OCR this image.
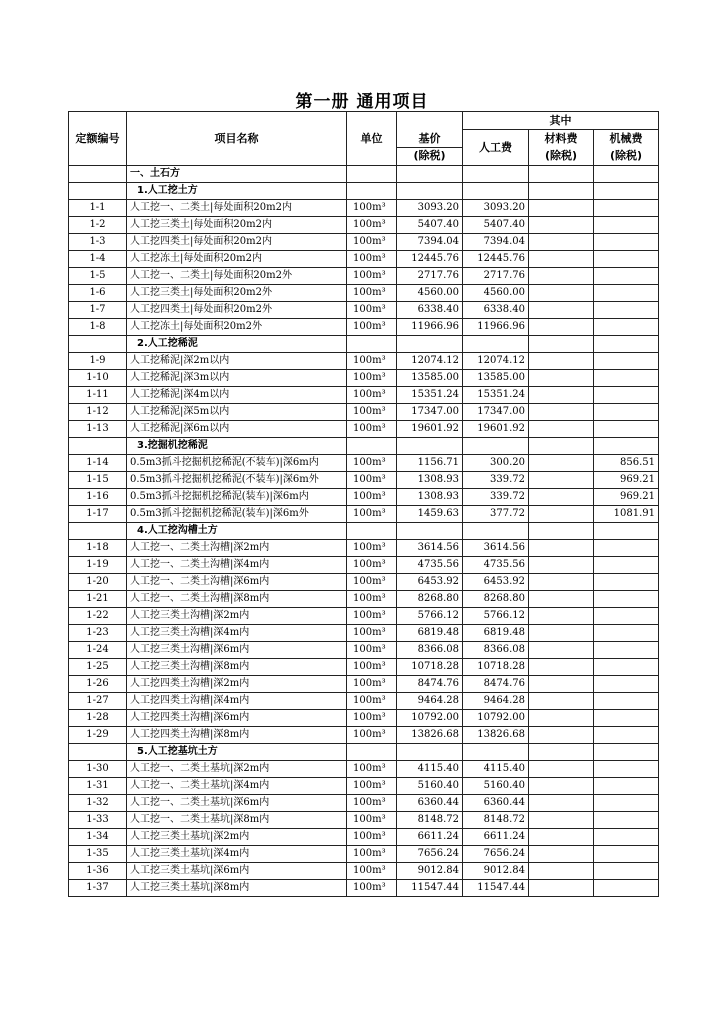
第一册 通用项目
定额编号	项目名称	单位	基价	其中		
				人工费	材料费	机械费
			(除税)		(除税)	(除税)
	一、土石方					
	1.人工挖土方					
1-1	人工挖一、二类土|每处面积20m2内	100m³	3093.20	3093.20		
1-2	人工挖三类土|每处面积20m2内	100m³	5407.40	5407.40		
1-3	人工挖四类土|每处面积20m2内	100m³	7394.04	7394.04		
1-4	人工挖冻土|每处面积20m2内	100m³	12445.76	12445.76		
1-5	人工挖一、二类土|每处面积20m2外	100m³	2717.76	2717.76		
1-6	人工挖三类土|每处面积20m2外	100m³	4560.00	4560.00		
1-7	人工挖四类土|每处面积20m2外	100m³	6338.40	6338.40		
1-8	人工挖冻土|每处面积20m2外	100m³	11966.96	11966.96		
	2.人工挖稀泥					
1-9	人工挖稀泥|深2m以内	100m³	12074.12	12074.12		
1-10	人工挖稀泥|深3m以内	100m³	13585.00	13585.00		
1-11	人工挖稀泥|深4m以内	100m³	15351.24	15351.24		
1-12	人工挖稀泥|深5m以内	100m³	17347.00	17347.00		
1-13	人工挖稀泥|深6m以内	100m³	19601.92	19601.92		
	3.挖掘机挖稀泥					
1-14	0.5m3抓斗挖掘机挖稀泥(不装车)|深6m内	100m³	1156.71	300.20		856.51
1-15	0.5m3抓斗挖掘机挖稀泥(不装车)|深6m外	100m³	1308.93	339.72		969.21
1-16	0.5m3抓斗挖掘机挖稀泥(装车)|深6m内	100m³	1308.93	339.72		969.21
1-17	0.5m3抓斗挖掘机挖稀泥(装车)|深6m外	100m³	1459.63	377.72		1081.91
	4.人工挖沟槽土方					
1-18	人工挖一、二类土沟槽|深2m内	100m³	3614.56	3614.56		
1-19	人工挖一、二类土沟槽|深4m内	100m³	4735.56	4735.56		
1-20	人工挖一、二类土沟槽|深6m内	100m³	6453.92	6453.92		
1-21	人工挖一、二类土沟槽|深8m内	100m³	8268.80	8268.80		
1-22	人工挖三类土沟槽|深2m内	100m³	5766.12	5766.12		
1-23	人工挖三类土沟槽|深4m内	100m³	6819.48	6819.48		
1-24	人工挖三类土沟槽|深6m内	100m³	8366.08	8366.08		
1-25	人工挖三类土沟槽|深8m内	100m³	10718.28	10718.28		
1-26	人工挖四类土沟槽|深2m内	100m³	8474.76	8474.76		
1-27	人工挖四类土沟槽|深4m内	100m³	9464.28	9464.28		
1-28	人工挖四类土沟槽|深6m内	100m³	10792.00	10792.00		
1-29	人工挖四类土沟槽|深8m内	100m³	13826.68	13826.68		
	5.人工挖基坑土方					
1-30	人工挖一、二类土基坑|深2m内	100m³	4115.40	4115.40		
1-31	人工挖一、二类土基坑|深4m内	100m³	5160.40	5160.40		
1-32	人工挖一、二类土基坑|深6m内	100m³	6360.44	6360.44		
1-33	人工挖一、二类土基坑|深8m内	100m³	8148.72	8148.72		
1-34	人工挖三类土基坑|深2m内	100m³	6611.24	6611.24		
1-35	人工挖三类土基坑|深4m内	100m³	7656.24	7656.24		
1-36	人工挖三类土基坑|深6m内	100m³	9012.84	9012.84		
1-37	人工挖三类土基坑|深8m内	100m³	11547.44	11547.44		
